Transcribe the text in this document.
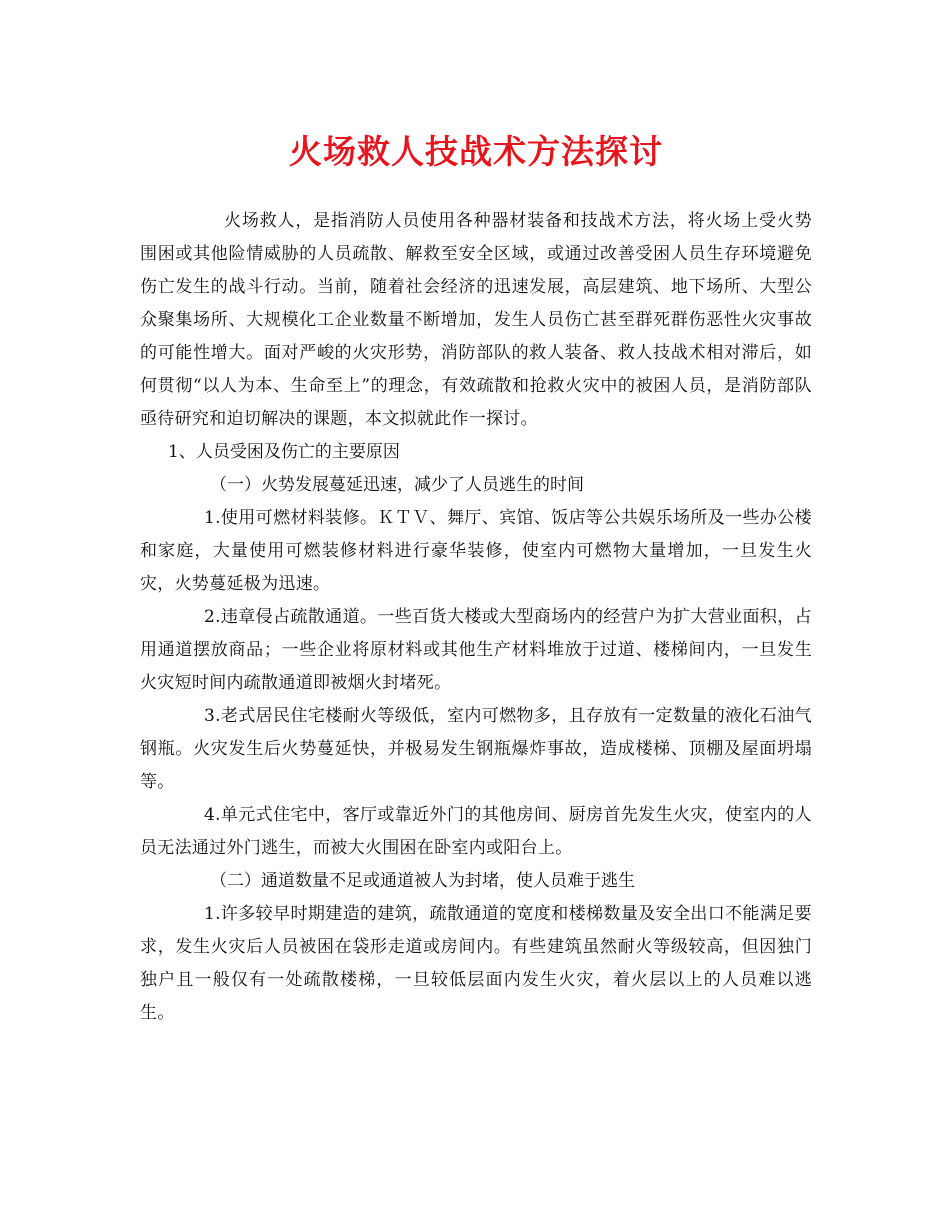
火场救人技战术方法探讨

火场救人，是指消防人员使用各种器材装备和技战术方法，将火场上受火势围困或其他险情威胁的人员疏散、解救至安全区域，或通过改善受困人员生存环境避免伤亡发生的战斗行动。当前，随着社会经济的迅速发展，高层建筑、地下场所、大型公众聚集场所、大规模化工企业数量不断增加，发生人员伤亡甚至群死群伤恶性火灾事故的可能性增大。面对严峻的火灾形势，消防部队的救人装备、救人技战术相对滞后，如何贯彻“以人为本、生命至上”的理念，有效疏散和抢救火灾中的被困人员，是消防部队亟待研究和迫切解决的课题，本文拟就此作一探讨。

1、人员受困及伤亡的主要原因

（一）火势发展蔓延迅速，减少了人员逃生的时间

1.使用可燃材料装修。ＫＴＶ、舞厅、宾馆、饭店等公共娱乐场所及一些办公楼和家庭，大量使用可燃装修材料进行豪华装修，使室内可燃物大量增加，一旦发生火灾，火势蔓延极为迅速。

2.违章侵占疏散通道。一些百货大楼或大型商场内的经营户为扩大营业面积，占用通道摆放商品；一些企业将原材料或其他生产材料堆放于过道、楼梯间内，一旦发生火灾短时间内疏散通道即被烟火封堵死。

3.老式居民住宅楼耐火等级低，室内可燃物多，且存放有一定数量的液化石油气钢瓶。火灾发生后火势蔓延快，并极易发生钢瓶爆炸事故，造成楼梯、顶棚及屋面坍塌等。

4.单元式住宅中，客厅或靠近外门的其他房间、厨房首先发生火灾，使室内的人员无法通过外门逃生，而被大火围困在卧室内或阳台上。

（二）通道数量不足或通道被人为封堵，使人员难于逃生

1.许多较早时期建造的建筑，疏散通道的宽度和楼梯数量及安全出口不能满足要求，发生火灾后人员被困在袋形走道或房间内。有些建筑虽然耐火等级较高，但因独门独户且一般仅有一处疏散楼梯，一旦较低层面内发生火灾，着火层以上的人员难以逃生。
